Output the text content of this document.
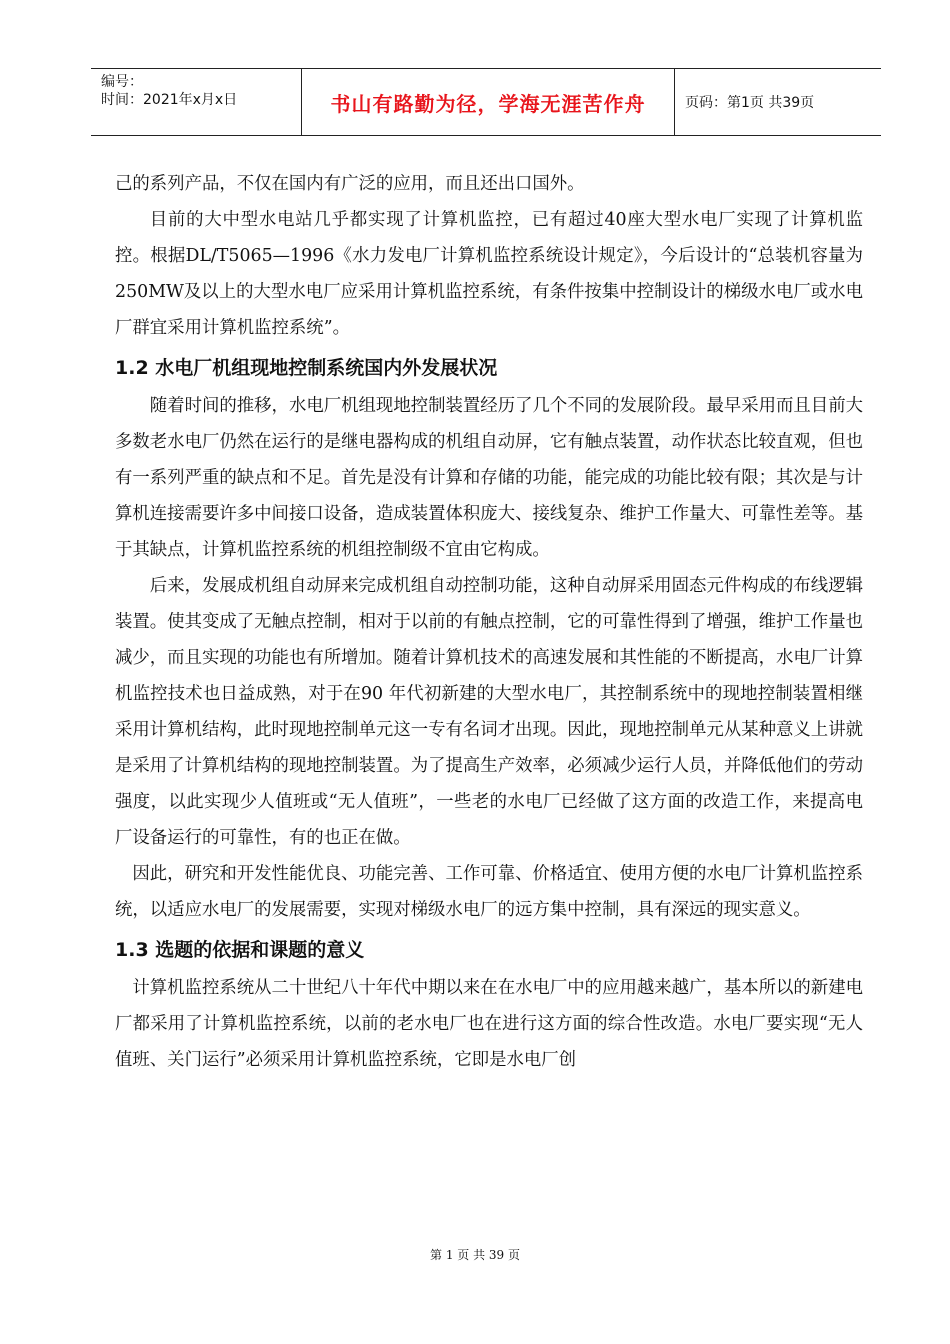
编号：
时间：2021年x月x日	书山有路勤为径，学海无涯苦作舟	页码：第1页 共39页

己的系列产品，不仅在国内有广泛的应用，而且还出口国外。

目前的大中型水电站几乎都实现了计算机监控，已有超过40座大型水电厂实现了计算机监控。根据DL/T5065—1996《水力发电厂计算机监控系统设计规定》，今后设计的“总装机容量为250MW及以上的大型水电厂应采用计算机监控系统，有条件按集中控制设计的梯级水电厂或水电厂群宜采用计算机监控系统”。

1.2 水电厂机组现地控制系统国内外发展状况

随着时间的推移，水电厂机组现地控制装置经历了几个不同的发展阶段。最早采用而且目前大多数老水电厂仍然在运行的是继电器构成的机组自动屏，它有触点装置，动作状态比较直观，但也有一系列严重的缺点和不足。首先是没有计算和存储的功能，能完成的功能比较有限；其次是与计算机连接需要许多中间接口设备，造成装置体积庞大、接线复杂、维护工作量大、可靠性差等。基于其缺点，计算机监控系统的机组控制级不宜由它构成。

后来，发展成机组自动屏来完成机组自动控制功能，这种自动屏采用固态元件构成的布线逻辑装置。使其变成了无触点控制，相对于以前的有触点控制，它的可靠性得到了增强，维护工作量也减少，而且实现的功能也有所增加。随着计算机技术的高速发展和其性能的不断提高，水电厂计算机监控技术也日益成熟，对于在90 年代初新建的大型水电厂，其控制系统中的现地控制装置相继采用计算机结构，此时现地控制单元这一专有名词才出现。因此，现地控制单元从某种意义上讲就是采用了计算机结构的现地控制装置。为了提高生产效率，必须减少运行人员，并降低他们的劳动强度，以此实现少人值班或“无人值班”，一些老的水电厂已经做了这方面的改造工作，来提高电厂设备运行的可靠性，有的也正在做。

因此，研究和开发性能优良、功能完善、工作可靠、价格适宜、使用方便的水电厂计算机监控系统，以适应水电厂的发展需要，实现对梯级水电厂的远方集中控制，具有深远的现实意义。

1.3 选题的依据和课题的意义

计算机监控系统从二十世纪八十年代中期以来在在水电厂中的应用越来越广，基本所以的新建电厂都采用了计算机监控系统，以前的老水电厂也在进行这方面的综合性改造。水电厂要实现“无人值班、关门运行”必须采用计算机监控系统，它即是水电厂创

第 1 页 共 39 页
